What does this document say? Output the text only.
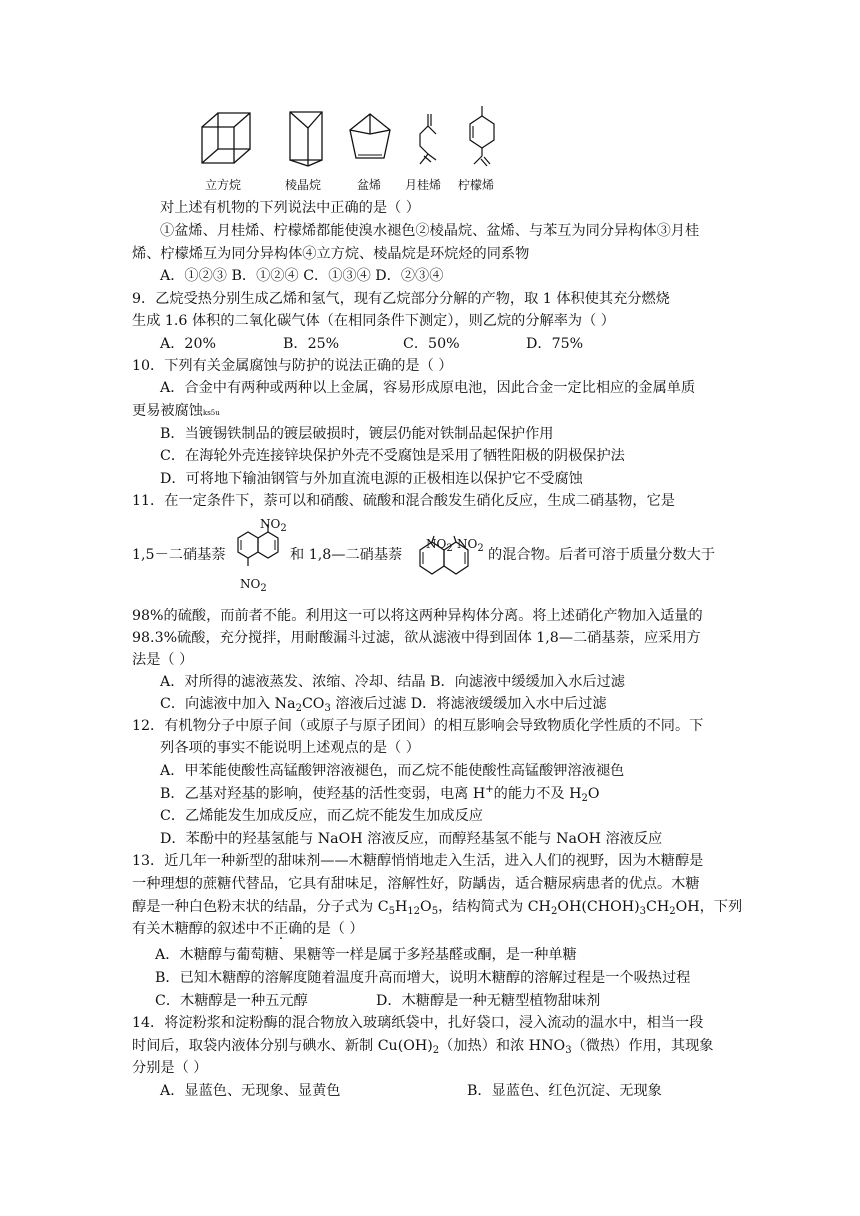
立方烷	棱晶烷	盆烯 月桂烯 柠檬烯
对上述有机物的下列说法中正确的是（ ）
①盆烯、月桂烯、柠檬烯都能使溴水褪色②棱晶烷、盆烯、与苯互为同分异构体③月桂
烯、柠檬烯互为同分异构体④立方烷、棱晶烷是环烷烃的同系物
A．①②③ B．①②④ C．①③④ D．②③④
9．乙烷受热分别生成乙烯和氢气，现有乙烷部分分解的产物，取 1 体积使其充分燃烧
生成 1.6 体积的二氧化碳气体（在相同条件下测定），则乙烷的分解率为（ ）
A．20%	B．25%	C．50%	D．75%
10．下列有关金属腐蚀与防护的说法正确的是（ ）
A．合金中有两种或两种以上金属，容易形成原电池，因此合金一定比相应的金属单质
更易被腐蚀ks5u
B．当镀锡铁制品的镀层破损时，镀层仍能对铁制品起保护作用
C．在海轮外壳连接锌块保护外壳不受腐蚀是采用了牺牲阳极的阴极保护法
D．可将地下输油钢管与外加直流电源的正极相连以保护它不受腐蚀
11．在一定条件下，萘可以和硝酸、硫酸和混合酸发生硝化反应，生成二硝基物，它是
1,5－二硝基萘
$NO_2$
$NO_2$
和 1,8—二硝基萘
$NO_2$ $NO_2$ 的混合物。后者可溶于质量分数大于
98%的硫酸，而前者不能。利用这一可以将这两种异构体分离。将上述硝化产物加入适量的
98.3%硫酸，充分搅拌，用耐酸漏斗过滤，欲从滤液中得到固体 1,8—二硝基萘，应采用方
法是（ ）
A．对所得的滤液蒸发、浓缩、冷却、结晶 B．向滤液中缓缓加入水后过滤
C．向滤液中加入 $Na_2CO_3$ 溶液后过滤 D．将滤液缓缓加入水中后过滤
12．有机物分子中原子间（或原子与原子团间）的相互影响会导致物质化学性质的不同。下
列各项的事实不能说明上述观点的是（ ）
A．甲苯能使酸性高锰酸钾溶液褪色，而乙烷不能使酸性高锰酸钾溶液褪色
B．乙基对羟基的影响，使羟基的活性变弱，电离 H+的能力不及 $H_2O$
C．乙烯能发生加成反应，而乙烷不能发生加成反应
D．苯酚中的羟基氢能与 NaOH 溶液反应，而醇羟基氢不能与 NaOH 溶液反应
13．近几年一种新型的甜味剂——木糖醇悄悄地走入生活，进入人们的视野，因为木糖醇是
一种理想的蔗糖代替品，它具有甜味足，溶解性好，防龋齿，适合糖尿病患者的优点。木糖
醇是一种白色粉末状的结晶，分子式为 $C_5H_{12}O_5$，结构简式为 $CH_2OH(CHOH)_3CH_2OH$，下列
有关木糖醇的叙述中不正确的是（ ）
A．木糖醇与葡萄糖、果糖等一样是属于多羟基醛或酮，是一种单糖
B．已知木糖醇的溶解度随着温度升高而增大，说明木糖醇的溶解过程是一个吸热过程
C．木糖醇是一种五元醇	D．木糖醇是一种无糖型植物甜味剂
14．将淀粉浆和淀粉酶的混合物放入玻璃纸袋中，扎好袋口，浸入流动的温水中，相当一段
时间后，取袋内液体分别与碘水、新制 $Cu(OH)_2$（加热）和浓 $HNO_3$（微热）作用，其现象
分别是（ ）
A．显蓝色、无现象、显黄色	B．显蓝色、红色沉淀、无现象
